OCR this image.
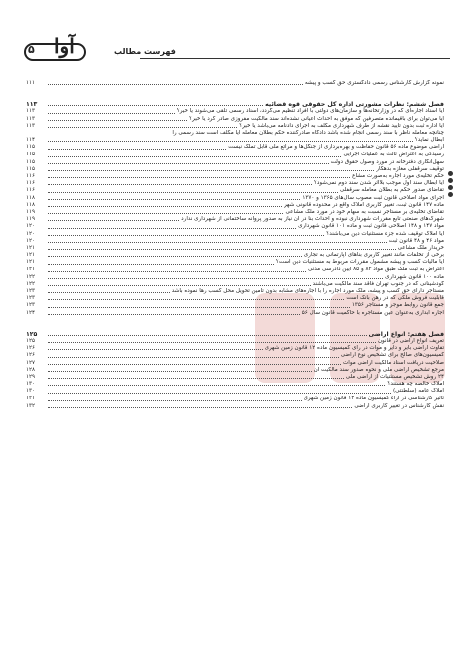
۵ آوا	فهرست مطالب
نمونه گزارش کارشناس رسمی دادگستری حق کسب و پیشه
۱۱۱
فصل ششم: نظرات مشورتی اداره کل حقوقی قوه قضائیه
۱۱۳
آیا اسناد اجاره‌ای که در وزارتخانه‌ها و سازمان‌های دولتی با افراد تنظیم می‌گردد، اسناد رسمی تلقی می‌شوند یا خیر؟
۱۱۳
آیا می‌توان برای باقیمانده متصرفین که موفق به احداث اعیانی نشده‌اند سند مالکیت مفروزی صادر کرد یا خیر؟
۱۱۳
آیا اداره ثبت بدون تأیید نقشه از طرف شهرداری مکلف به اجرای دادنامه می‌باشد یا خیر؟
۱۱۳
چنانچه معامله ناظر با سند رسمی انجام شده باشد دادگاه صادرکننده حکم بطلان معامله آیا مکلف است سند رسمی را
ابطال نماید؟
۱۱۴
اراضی موضوع ماده ۵۶ قانون حفاظت و بهره‌برداری از جنگل‌ها و مراتع ملی قابل تملک نیست
۱۱۵
رسیدگی به اعتراض ثالث به عملیات اجرایی
۱۱۵
سهل‌انگاری دفترخانه در مورد وصول حقوق دولت
۱۱۵
توقیف سرقفلی مغازه بدهکار
۱۱۵
حکم تخلیه‌ی مورد اجاره به‌صورت مشاع
۱۱۶
آیا ابطال سند اول موجب بلااثر شدن سند دوم نمی‌شود؟
۱۱۶
تقاضای صدور حکم به بطلان معامله سرقفلی
۱۱۶
اجرای مواد اصلاحی قانون ثبت مصوب سال‌های ۱۳۶۵ و ۱۳۷۰
۱۱۸
ماده ۱۴۷ قانون ثبت، تغییر کاربری املاک واقع در محدوده قانونی شهر
۱۱۸
تقاضای تخلیه‌ی بر مستأجر نسبت به سهام خود در مورد ملک مشاعی
۱۱۹
شهرک‌های صنعتی تابع مقررات شهرداری نبوده و احداث بنا در آن نیاز به صدور پروانه ساختمانی از شهرداری ندارد
۱۱۹
مواد ۱۴۷ و ۱۴۸ اصلاحی قانون ثبت و ماده ۱۰۱ قانون شهرداری
۱۲۰
آیا املاک توقیف شده جزء مستثنیات دین می‌باشند؟
۱۲۰
مواد ۴۶ و ۴۸ قانون ثبت
۱۲۰
خریدار ملک مشاعی
۱۲۱
برخی از تخلفات مانند تغییر کاربری بناهای آپارتمانی به تجاری
۱۲۱
آیا مالیات کسب و پیشه مشمول مقررات مربوط به مستثنیات دین است؟
۱۲۱
اعتراض به ثبت ملک طبق مواد ۸۳ و ۸۵ آیین دادرسی مدنی
۱۲۱
ماده ۱۰۰ قانون شهرداری
۱۲۲
گودشینانی که در جنوب تهران فاقد سند مالکیت می‌باشند
۱۲۲
مستأجر دارای حق کسب و پیشه، ملک مورد اجاره را با اجاره‌های مشابه بدون تأمین تحویل محل کسب رها نموده باشد
۱۲۳
قابلیت فروش ملکی که در رهن بانک است
۱۲۳
جمع قانون روابط موجر و مستأجر ۱۳۵۶
۱۲۳
اجاره ابداری به‌عنوان عین مستاجره با حاکمیت قانون سال ۵۶
۱۲۴
فصل هفتم: انواع اراضی
۱۲۵
تعریف انواع اراضی در قانون
۱۲۵
تفاوت اراضی بایر و دایر و موات در رأی کمیسیون ماده ۱۲ قانون زمین شهری
۱۲۶
کمیسیون‌های صالح برای تشخیص نوع اراضی
۱۲۶
صلاحیت دریافت اسناد مالکیت اراضی موات
۱۲۷
مرجع تشخیص اراضی ملی و نحوه صدور سند مالکیت آن
۱۲۸
۲۴ روش تشخیص مستثنیات از اراضی ملی
۱۲۹
املاک خالصه چه هستند؟
۱۳۰
املاک عامه (سلطنتی)
۱۳۰
تأثیر کارشناسی در آراء کمیسیون ماده ۱۲ قانون زمین شهری
۱۳۱
نقش کارشناس در تغییر کاربری اراضی
۱۳۲
